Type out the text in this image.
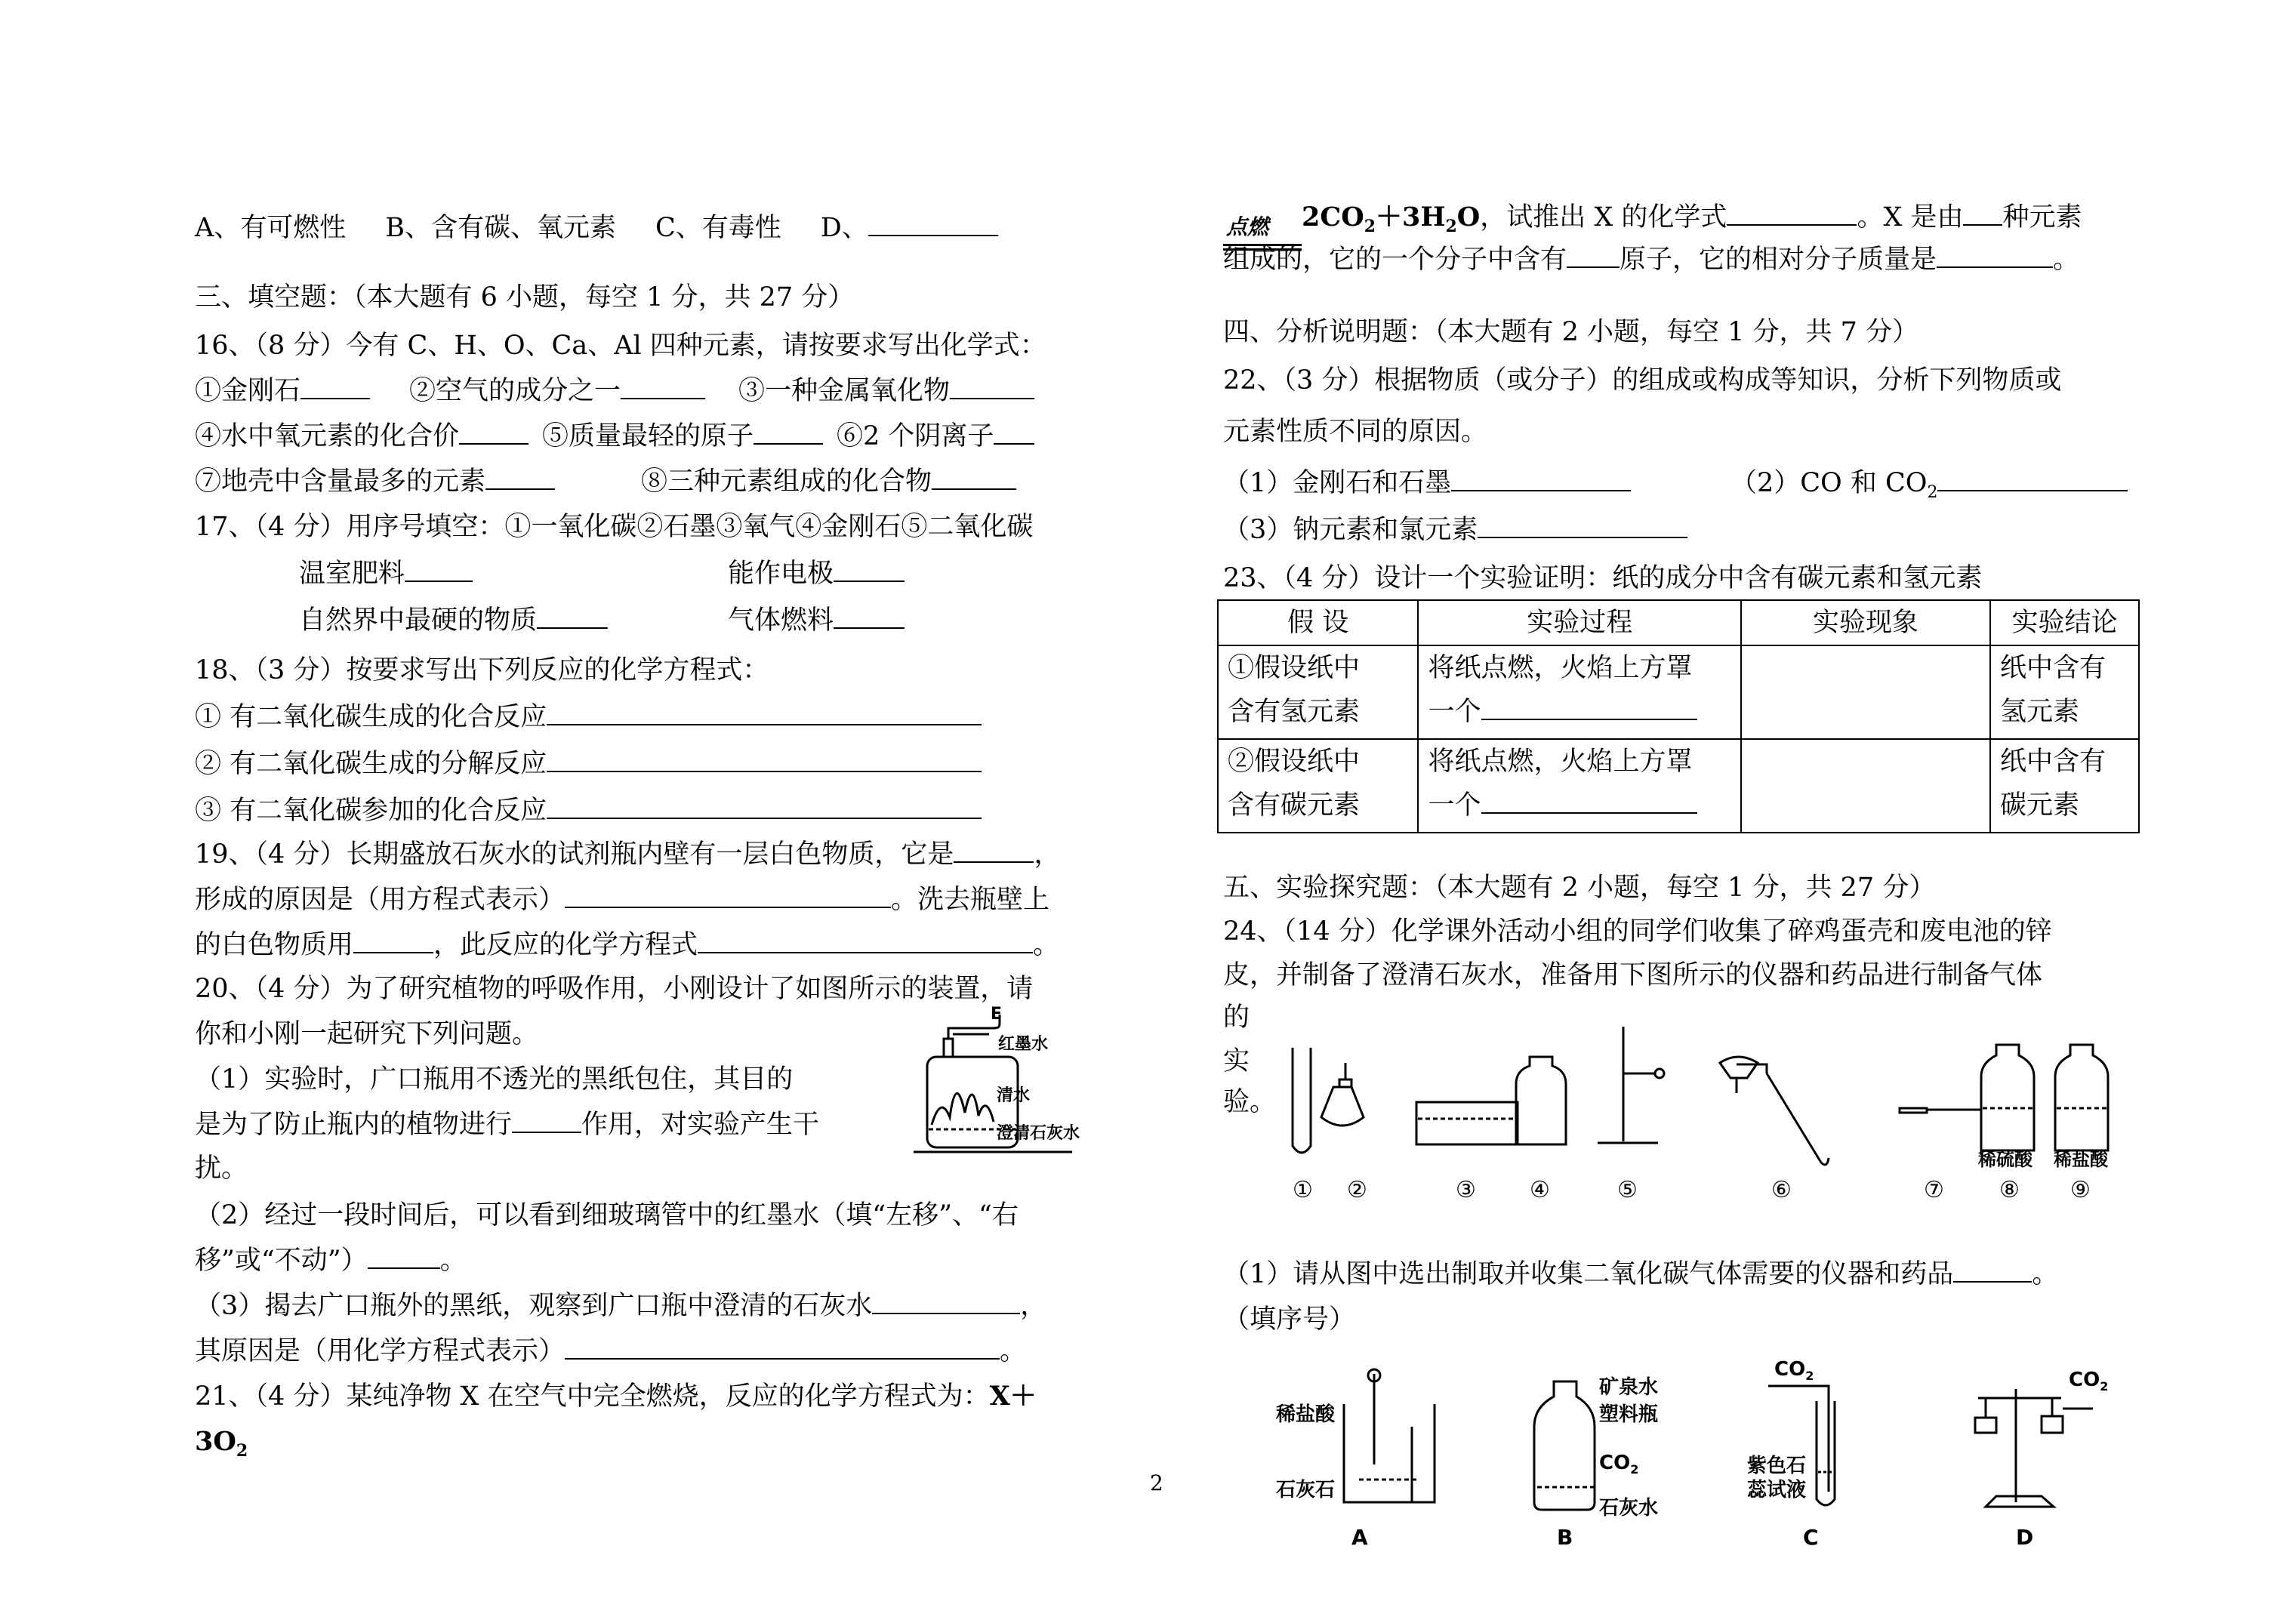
A、有可燃性 B、含有碳、氧元素 C、有毒性 D、
三、填空题：（本大题有 6 小题，每空 1 分，共 27 分）
16、（8 分）今有 C、H、O、Ca、Al 四种元素，请按要求写出化学式：
①金刚石	②空气的成分之一	③一种金属氧化物
④水中氧元素的化合价	⑤质量最轻的原子	⑥2 个阴离子
⑦地壳中含量最多的元素	⑧三种元素组成的化合物
17、（4 分）用序号填空：①一氧化碳②石墨③氧气④金刚石⑤二氧化碳
温室肥料	能作电极
自然界中最硬的物质	气体燃料
18、（3 分）按要求写出下列反应的化学方程式：
① 有二氧化碳生成的化合反应
② 有二氧化碳生成的分解反应
③ 有二氧化碳参加的化合反应
19、（4 分）长期盛放石灰水的试剂瓶内壁有一层白色物质，它是	，
形成的原因是（用方程式表示）	。洗去瓶壁上
的白色物质用	，此反应的化学方程式	。
20、（4 分）为了研究植物的呼吸作用，小刚设计了如图所示的装置，请
你和小刚一起研究下列问题。
（1）实验时，广口瓶用不透光的黑纸包住，其目的
是为了防止瓶内的植物进行	作用，对实验产生干
扰。
E
红墨水
清水
澄清石灰水
（2）经过一段时间后，可以看到细玻璃管中的红墨水（填“左移”、“右
移”或“不动”）	。
（3）揭去广口瓶外的黑纸，观察到广口瓶中澄清的石灰水	，
其原因是（用化学方程式表示）	。
21、（4 分）某纯净物 X 在空气中完全燃烧，反应的化学方程式为：X＋
$3O_2$
点燃 $2CO_2+3H_2O$，试推出 X 的化学式	。X 是由 种元素
组成的，它的一个分子中含有 原子，它的相对分子质量是	。
四、分析说明题：（本大题有 2 小题，每空 1 分，共 7 分）
22、（3 分）根据物质（或分子）的组成或构成等知识，分析下列物质或
元素性质不同的原因。
（1）金刚石和石墨	（2）CO 和 $CO_2$
（3）钠元素和氯元素
23、（4 分）设计一个实验证明：纸的成分中含有碳元素和氢元素
假 设	实验过程	实验现象	实验结论
①假设纸中
含有氢元素	将纸点燃，火焰上方罩
一个		纸中含有
氢元素
②假设纸中
含有碳元素	将纸点燃，火焰上方罩
一个		纸中含有
碳元素
五、实验探究题：（本大题有 2 小题，每空 1 分，共 27 分）
24、（14 分）化学课外活动小组的同学们收集了碎鸡蛋壳和废电池的锌
皮，并制备了澄清石灰水，准备用下图所示的仪器和药品进行制备气体
的
实
验。
稀硫酸 稀盐酸
① ②	③ ④	⑤	⑥	⑦ ⑧ ⑨
（1）请从图中选出制取并收集二氧化碳气体需要的仪器和药品	。
（填序号）
稀盐酸
石灰石
A
矿泉水
塑料瓶
$CO_2$
石灰水
B
$CO_2$
紫色石
蕊试液
C
$CO_2$
D
2
